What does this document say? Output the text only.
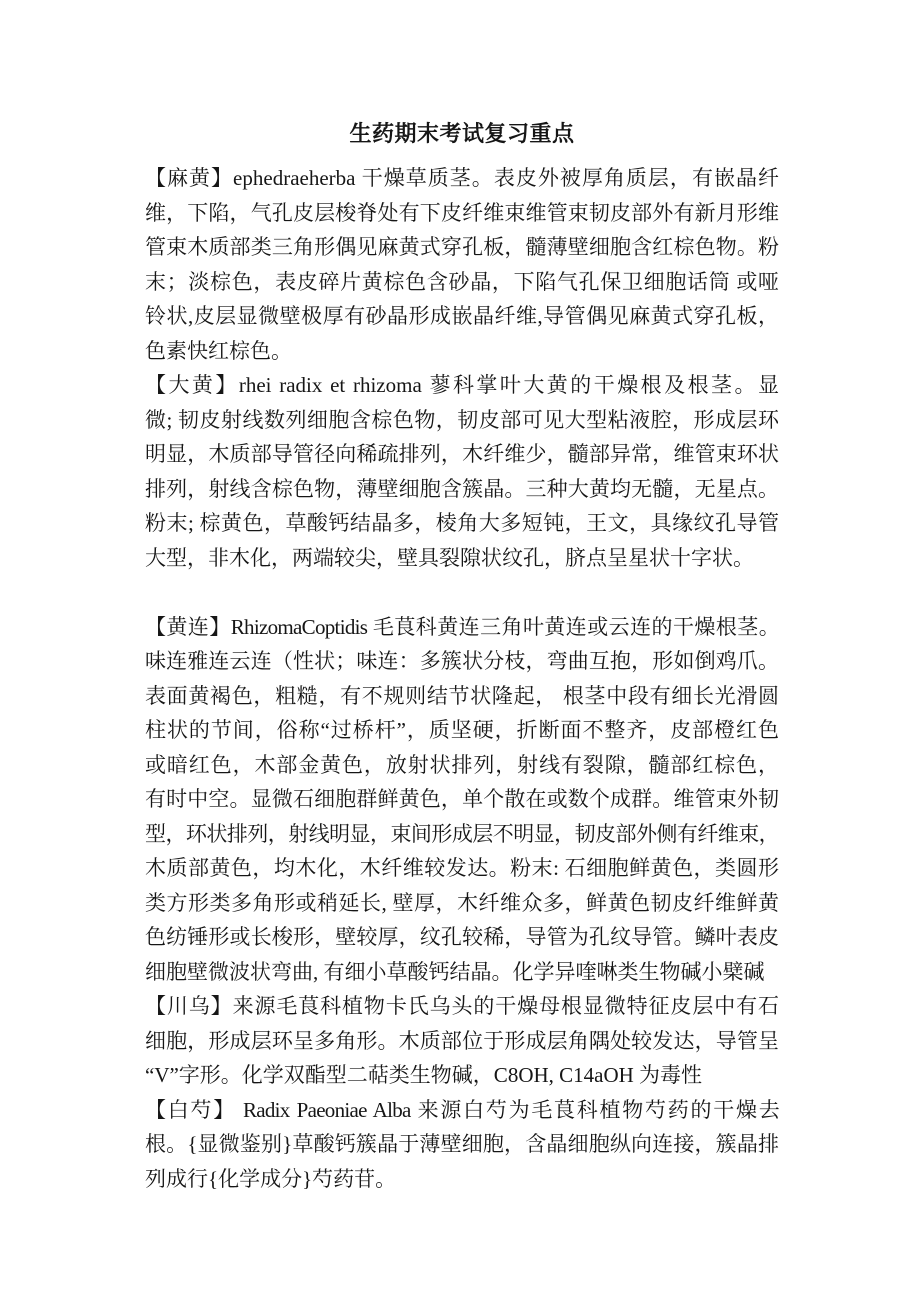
生药期末考试复习重点
【麻黄】ephedraeherba 干燥草质茎。表皮外被厚角质层，有嵌晶纤
维，下陷，气孔皮层梭脊处有下皮纤维束维管束韧皮部外有新月形维
管束木质部类三角形偶见麻黄式穿孔板，髓薄壁细胞含红棕色物。粉
末；淡棕色，表皮碎片黄棕色含砂晶，下陷气孔保卫细胞话筒 或哑
铃状,皮层显微壁极厚有砂晶形成嵌晶纤维,导管偶见麻黄式穿孔板，
色素快红棕色。
【大黄】rhei radix et rhizoma 蓼科掌叶大黄的干燥根及根茎。显
微; 韧皮射线数列细胞含棕色物，韧皮部可见大型粘液腔，形成层环
明显，木质部导管径向稀疏排列，木纤维少，髓部异常，维管束环状
排列，射线含棕色物，薄壁细胞含簇晶。三种大黄均无髓，无星点。
粉末; 棕黄色，草酸钙结晶多，棱角大多短钝，王文，具缘纹孔导管
大型，非木化，两端较尖，壁具裂隙状纹孔，脐点呈星状十字状。
【黄连】RhizomaCoptidis 毛茛科黄连三角叶黄连或云连的干燥根茎。
味连雅连云连（性状；味连：多簇状分枝，弯曲互抱，形如倒鸡爪。
表面黄褐色，粗糙，有不规则结节状隆起， 根茎中段有细长光滑圆
柱状的节间，俗称“过桥杆”，质坚硬，折断面不整齐，皮部橙红色
或暗红色，木部金黄色，放射状排列，射线有裂隙，髓部红棕色，
有时中空。显微石细胞群鲜黄色，单个散在或数个成群。维管束外韧
型，环状排列，射线明显，束间形成层不明显，韧皮部外侧有纤维束，
木质部黄色，均木化，木纤维较发达。粉末: 石细胞鲜黄色，类圆形
类方形类多角形或稍延长, 壁厚，木纤维众多，鲜黄色韧皮纤维鲜黄
色纺锤形或长梭形，壁较厚，纹孔较稀，导管为孔纹导管。鳞叶表皮
细胞壁微波状弯曲, 有细小草酸钙结晶。化学异喹啉类生物碱小檗碱
【川乌】来源毛茛科植物卡氏乌头的干燥母根显微特征皮层中有石
细胞，形成层环呈多角形。木质部位于形成层角隅处较发达，导管呈
“V”字形。化学双酯型二萜类生物碱，C8OH, C14aOH 为毒性
【白芍】 Radix Paeoniae Alba 来源白芍为毛茛科植物芍药的干燥去
根。{显微鉴别}草酸钙簇晶于薄壁细胞，含晶细胞纵向连接，簇晶排
列成行{化学成分}芍药苷。
